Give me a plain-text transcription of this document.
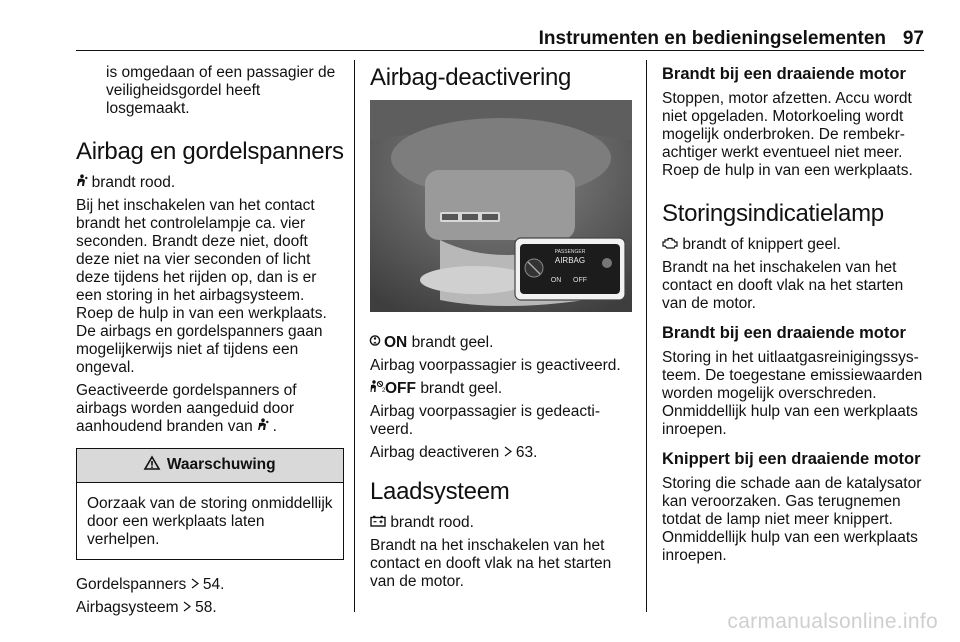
Instrumenten en bedieningselementen 97

is omgedaan of een passagier de veiligheidsgordel heeft losgemaakt.

Airbag en gordelspanners

brandt rood.

Bij het inschakelen van het contact brandt het controlelampje ca. vier seconden. Brandt deze niet, dooft deze niet na vier seconden of licht deze tijdens het rijden op, dan is er een storing in het airbagsysteem. Roep de hulp in van een werkplaats. De airbags en gordelspanners gaan mogelijkerwijs niet af tijdens een ongeval.

Geactiveerde gordelspanners of airbags worden aangeduid door aanhoudend branden van .

Waarschuwing
Oorzaak van de storing onmiddellijk door een werkplaats laten verhelpen.

Gordelspanners 54.

Airbagsysteem 58.

Airbag-deactivering
PASSENGER
AIRBAG
ON OFF

ON brandt geel.

Airbag voorpassagier is geactiveerd.

2 OFF brandt geel.

Airbag voorpassagier is gedeactiveerd.

Airbag deactiveren 63.

Laadsysteem

brandt rood.

Brandt na het inschakelen van het contact en dooft vlak na het starten van de motor.

Brandt bij een draaiende motor

Stoppen, motor afzetten. Accu wordt niet opgeladen. Motorkoeling wordt mogelijk onderbroken. De rembekrachtiger werkt eventueel niet meer. Roep de hulp in van een werkplaats.

Storingsindicatielamp

brandt of knippert geel.

Brandt na het inschakelen van het contact en dooft vlak na het starten van de motor.

Brandt bij een draaiende motor

Storing in het uitlaatgasreinigingssysteem. De toegestane emissiewaarden worden mogelijk overschreden. Onmiddellijk hulp van een werkplaats inroepen.

Knippert bij een draaiende motor

Storing die schade aan de katalysator kan veroorzaken. Gas terugnemen totdat de lamp niet meer knippert. Onmiddellijk hulp van een werkplaats inroepen.

carmanualsonline.info
